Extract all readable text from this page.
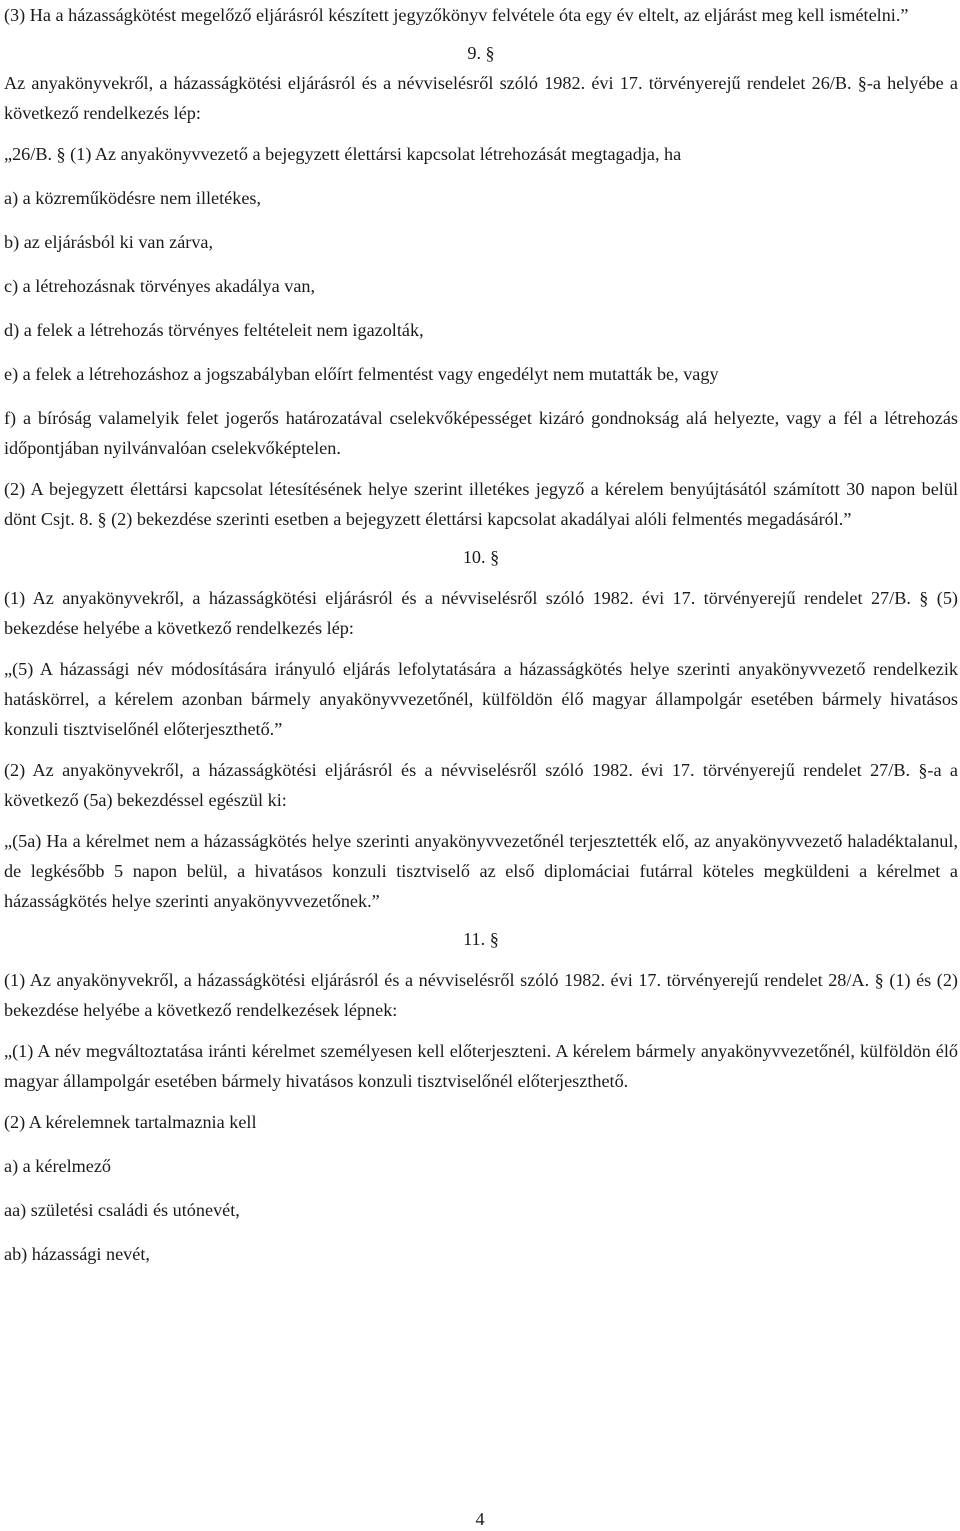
(3) Ha a házasságkötést megelőző eljárásról készített jegyzőkönyv felvétele óta egy év eltelt, az eljárást meg kell ismételni.”

9. §

Az anyakönyvekről, a házasságkötési eljárásról és a névviselésről szóló 1982. évi 17. törvényerejű rendelet 26/B. §-a helyébe a következő rendelkezés lép:

„26/B. § (1) Az anyakönyvvezető a bejegyzett élettársi kapcsolat létrehozását megtagadja, ha

a) a közreműködésre nem illetékes,

b) az eljárásból ki van zárva,

c) a létrehozásnak törvényes akadálya van,

d) a felek a létrehozás törvényes feltételeit nem igazolták,

e) a felek a létrehozáshoz a jogszabályban előírt felmentést vagy engedélyt nem mutatták be, vagy

f) a bíróság valamelyik felet jogerős határozatával cselekvőképességet kizáró gondnokság alá helyezte, vagy a fél a létrehozás időpontjában nyilvánvalóan cselekvőképtelen.

(2) A bejegyzett élettársi kapcsolat létesítésének helye szerint illetékes jegyző a kérelem benyújtásától számított 30 napon belül dönt Csjt. 8. § (2) bekezdése szerinti esetben a bejegyzett élettársi kapcsolat akadályai alóli felmentés megadásáról.”

10. §

(1) Az anyakönyvekről, a házasságkötési eljárásról és a névviselésről szóló 1982. évi 17. törvényerejű rendelet 27/B. § (5) bekezdése helyébe a következő rendelkezés lép:

„(5) A házassági név módosítására irányuló eljárás lefolytatására a házasságkötés helye szerinti anyakönyvvezető rendelkezik hatáskörrel, a kérelem azonban bármely anyakönyvvezetőnél, külföldön élő magyar állampolgár esetében bármely hivatásos konzuli tisztviselőnél előterjeszthető.”

(2) Az anyakönyvekről, a házasságkötési eljárásról és a névviselésről szóló 1982. évi 17. törvényerejű rendelet 27/B. §-a a következő (5a) bekezdéssel egészül ki:

„(5a) Ha a kérelmet nem a házasságkötés helye szerinti anyakönyvvezetőnél terjesztették elő, az anyakönyvvezető haladéktalanul, de legkésőbb 5 napon belül, a hivatásos konzuli tisztviselő az első diplomáciai futárral köteles megküldeni a kérelmet a házasságkötés helye szerinti anyakönyvvezetőnek.”

11. §

(1) Az anyakönyvekről, a házasságkötési eljárásról és a névviselésről szóló 1982. évi 17. törvényerejű rendelet 28/A. § (1) és (2) bekezdése helyébe a következő rendelkezések lépnek:

„(1) A név megváltoztatása iránti kérelmet személyesen kell előterjeszteni. A kérelem bármely anyakönyvvezetőnél, külföldön élő magyar állampolgár esetében bármely hivatásos konzuli tisztviselőnél előterjeszthető.

(2) A kérelemnek tartalmaznia kell

a) a kérelmező

aa) születési családi és utónevét,

ab) házassági nevét,

4
